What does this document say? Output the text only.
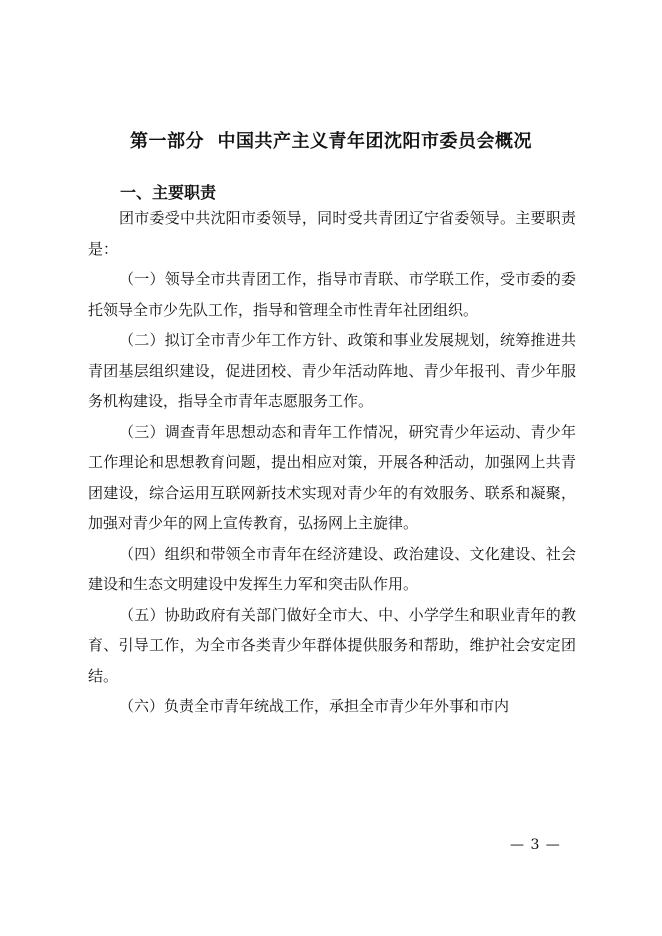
第一部分  中国共产主义青年团沈阳市委员会概况
一、主要职责

团市委受中共沈阳市委领导，同时受共青团辽宁省委领导。主要职责是：

（一）领导全市共青团工作，指导市青联、市学联工作，受市委的委托领导全市少先队工作，指导和管理全市性青年社团组织。

（二）拟订全市青少年工作方针、政策和事业发展规划，统筹推进共青团基层组织建设，促进团校、青少年活动阵地、青少年报刊、青少年服务机构建设，指导全市青年志愿服务工作。

（三）调查青年思想动态和青年工作情况，研究青少年运动、青少年工作理论和思想教育问题，提出相应对策，开展各种活动，加强网上共青团建设，综合运用互联网新技术实现对青少年的有效服务、联系和凝聚，加强对青少年的网上宣传教育，弘扬网上主旋律。

（四）组织和带领全市青年在经济建设、政治建设、文化建设、社会建设和生态文明建设中发挥生力军和突击队作用。

（五）协助政府有关部门做好全市大、中、小学学生和职业青年的教育、引导工作，为全市各类青少年群体提供服务和帮助，维护社会安定团结。

（六）负责全市青年统战工作，承担全市青少年外事和市内

— 3 —
